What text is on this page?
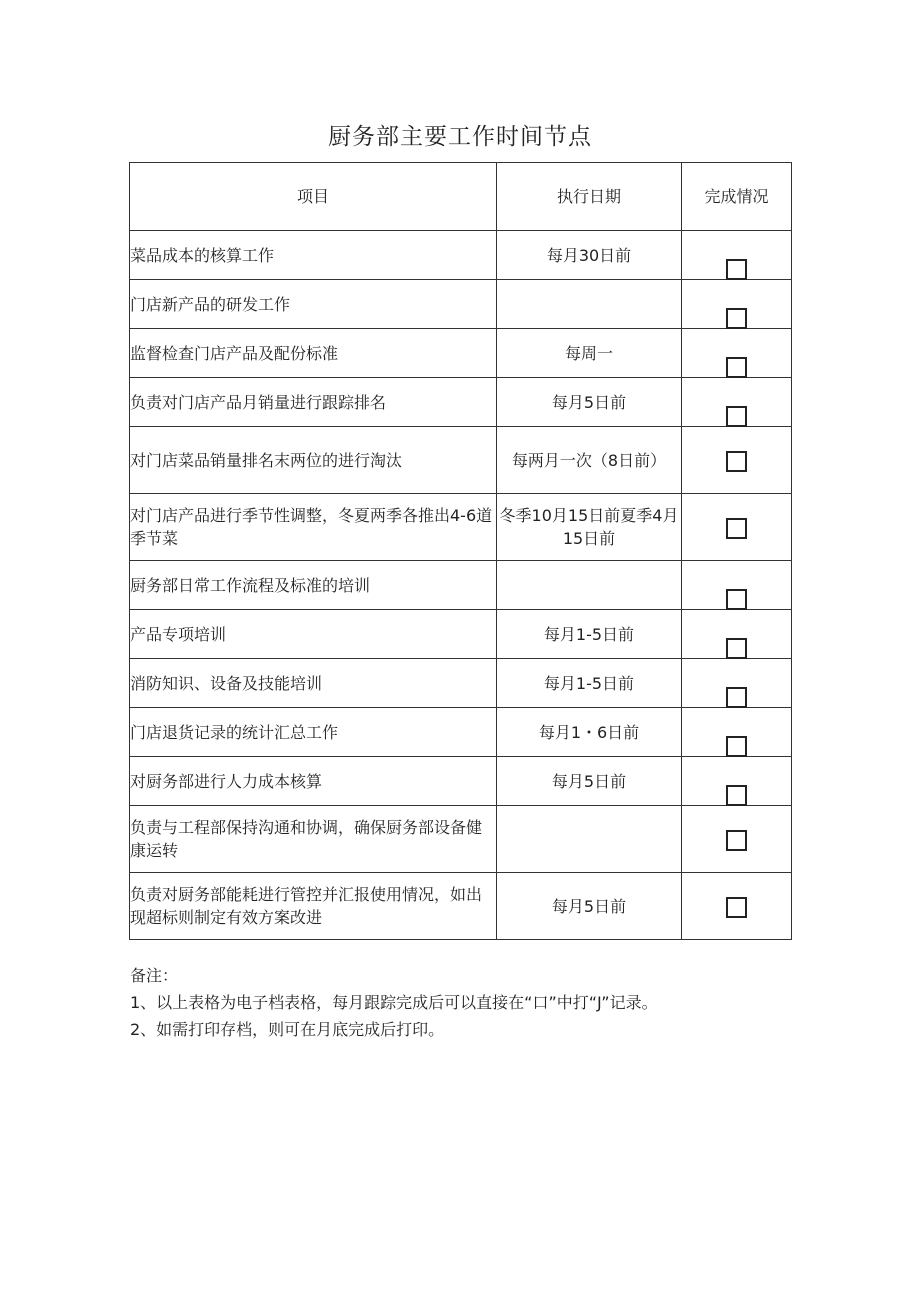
厨务部主要工作时间节点
项目	执行日期	完成情况
菜品成本的核算工作	每月30日前	
门店新产品的研发工作		
监督检查门店产品及配份标准	每周一	
负责对门店产品月销量进行跟踪排名	每月5日前	
对门店菜品销量排名末两位的进行淘汰	每两月一次（8日前）	
对门店产品进行季节性调整，冬夏两季各推出4-6道季节菜	冬季10月15日前夏季4月15日前	
厨务部日常工作流程及标准的培训		
产品专项培训	每月1-5日前	
消防知识、设备及技能培训	每月1-5日前	
门店退货记录的统计汇总工作	每月1・6日前	
对厨务部进行人力成本核算	每月5日前	
负责与工程部保持沟通和协调，确保厨务部设备健康运转		
负责对厨务部能耗进行管控并汇报使用情况，如出现超标则制定有效方案改进	每月5日前	
备注：
1、以上表格为电子档表格，每月跟踪完成后可以直接在“口”中打“J”记录。
2、如需打印存档，则可在月底完成后打印。
